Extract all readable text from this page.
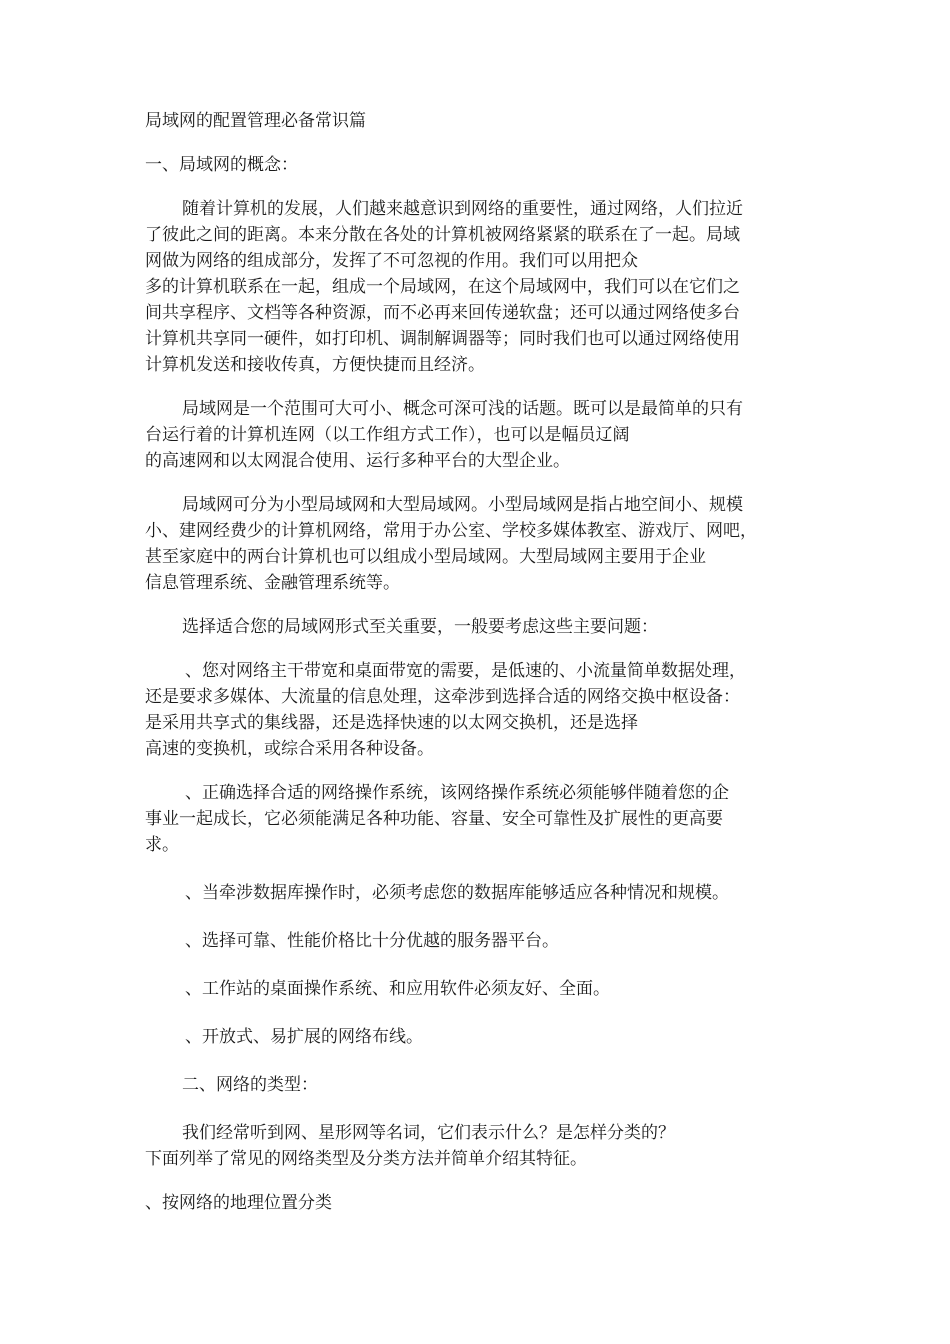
局域网的配置管理必备常识篇
一、局域网的概念：
随着计算机的发展，人们越来越意识到网络的重要性，通过网络，人们拉近
了彼此之间的距离。本来分散在各处的计算机被网络紧紧的联系在了一起。局域
网做为网络的组成部分，发挥了不可忽视的作用。我们可以用把众
多的计算机联系在一起，组成一个局域网，在这个局域网中，我们可以在它们之
间共享程序、文档等各种资源，而不必再来回传递软盘；还可以通过网络使多台
计算机共享同一硬件，如打印机、调制解调器等；同时我们也可以通过网络使用
计算机发送和接收传真，方便快捷而且经济。
局域网是一个范围可大可小、概念可深可浅的话题。既可以是最简单的只有
台运行着的计算机连网（以工作组方式工作），也可以是幅员辽阔
的高速网和以太网混合使用、运行多种平台的大型企业。
局域网可分为小型局域网和大型局域网。小型局域网是指占地空间小、规模
小、建网经费少的计算机网络，常用于办公室、学校多媒体教室、游戏厅、网吧，
甚至家庭中的两台计算机也可以组成小型局域网。大型局域网主要用于企业
信息管理系统、金融管理系统等。
选择适合您的局域网形式至关重要，一般要考虑这些主要问题：
、您对网络主干带宽和桌面带宽的需要，是低速的、小流量简单数据处理，
还是要求多媒体、大流量的信息处理，这牵涉到选择合适的网络交换中枢设备：
是采用共享式的集线器，还是选择快速的以太网交换机，还是选择
高速的变换机，或综合采用各种设备。
、正确选择合适的网络操作系统，该网络操作系统必须能够伴随着您的企
事业一起成长，它必须能满足各种功能、容量、安全可靠性及扩展性的更高要
求。
、当牵涉数据库操作时，必须考虑您的数据库能够适应各种情况和规模。
、选择可靠、性能价格比十分优越的服务器平台。
、工作站的桌面操作系统、和应用软件必须友好、全面。
、开放式、易扩展的网络布线。
二、网络的类型：
我们经常听到网、星形网等名词，它们表示什么？是怎样分类的？
下面列举了常见的网络类型及分类方法并简单介绍其特征。
、按网络的地理位置分类
